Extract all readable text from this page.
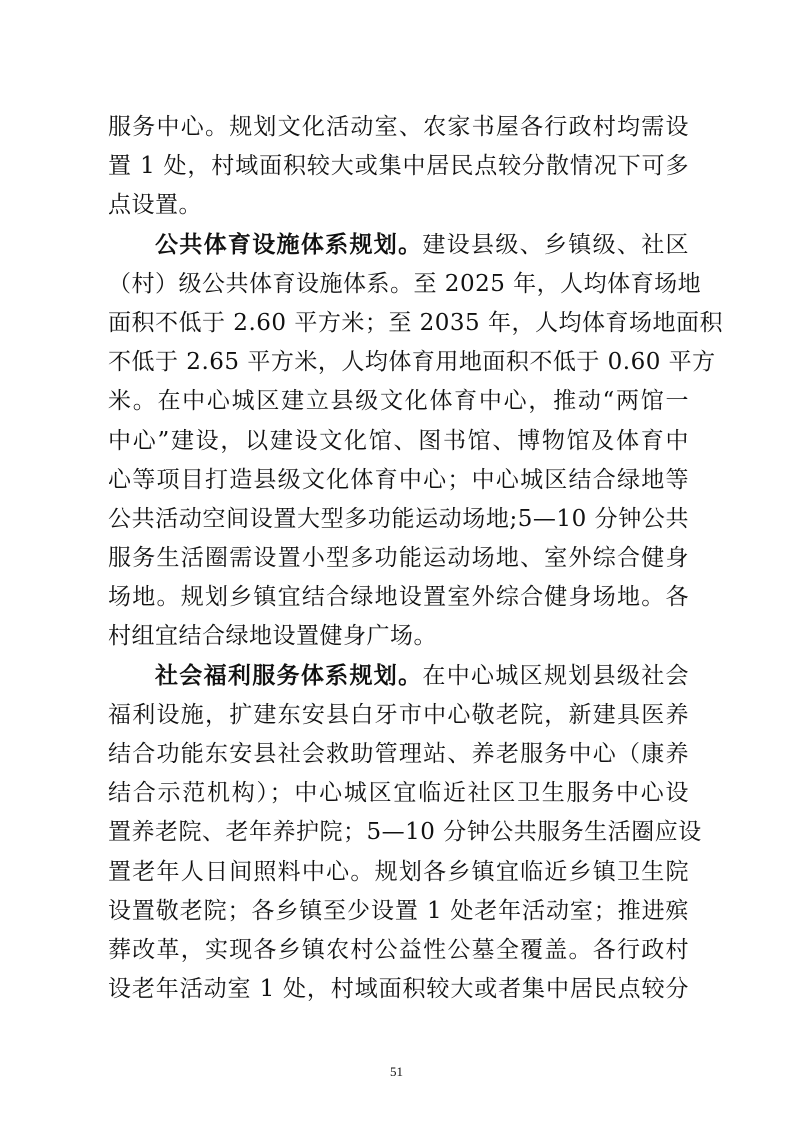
服务中心。规划文化活动室、农家书屋各行政村均需设
置 1 处，村域面积较大或集中居民点较分散情况下可多
点设置。
公共体育设施体系规划。建设县级、乡镇级、社区
（村）级公共体育设施体系。至 2025 年，人均体育场地
面积不低于 2.60 平方米；至 2035 年，人均体育场地面积
不低于 2.65 平方米，人均体育用地面积不低于 0.60 平方
米。在中心城区建立县级文化体育中心，推动“两馆一
中心”建设，以建设文化馆、图书馆、博物馆及体育中
心等项目打造县级文化体育中心；中心城区结合绿地等
公共活动空间设置大型多功能运动场地;5—10 分钟公共
服务生活圈需设置小型多功能运动场地、室外综合健身
场地。规划乡镇宜结合绿地设置室外综合健身场地。各
村组宜结合绿地设置健身广场。
社会福利服务体系规划。在中心城区规划县级社会
福利设施，扩建东安县白牙市中心敬老院，新建具医养
结合功能东安县社会救助管理站、养老服务中心（康养
结合示范机构）；中心城区宜临近社区卫生服务中心设
置养老院、老年养护院；5—10 分钟公共服务生活圈应设
置老年人日间照料中心。规划各乡镇宜临近乡镇卫生院
设置敬老院；各乡镇至少设置 1 处老年活动室；推进殡
葬改革，实现各乡镇农村公益性公墓全覆盖。各行政村
设老年活动室 1 处，村域面积较大或者集中居民点较分
51
